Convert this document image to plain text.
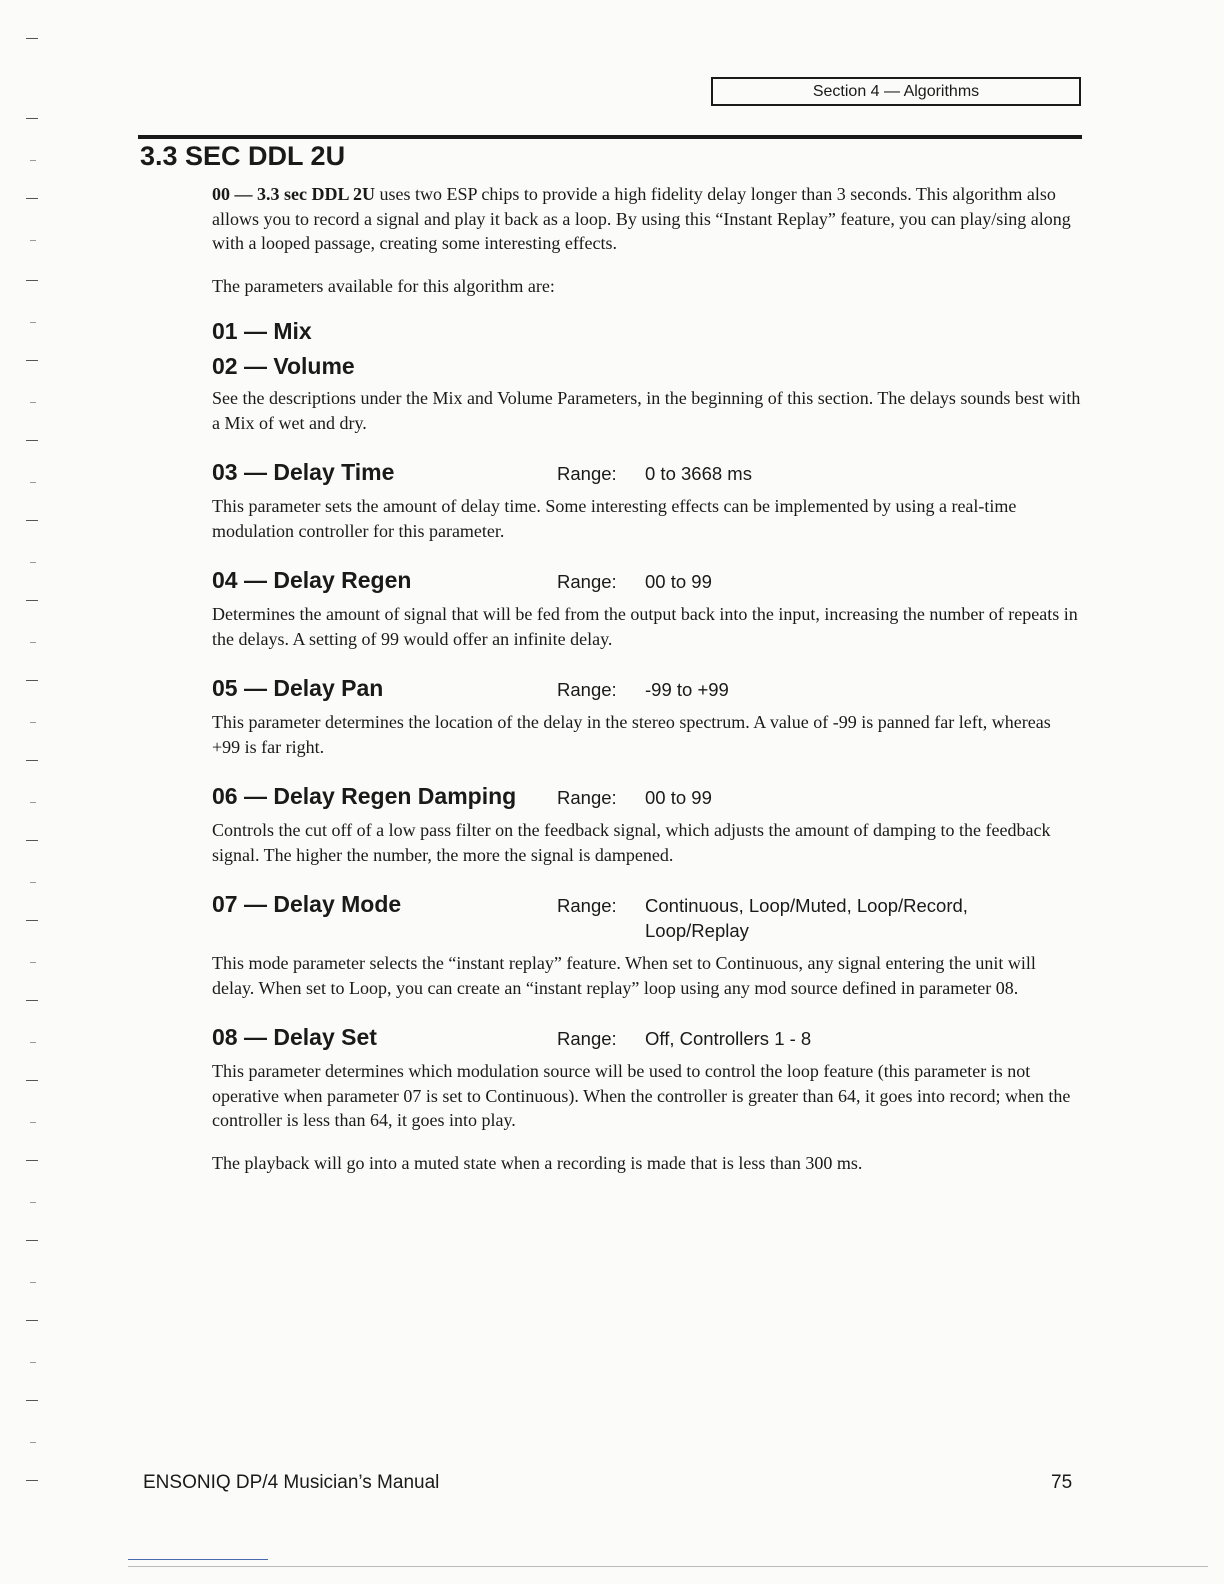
Section 4 — Algorithms
3.3 SEC DDL 2U

00 — 3.3 sec DDL 2U uses two ESP chips to provide a high fidelity delay longer than 3 seconds. This algorithm also allows you to record a signal and play it back as a loop. By using this “Instant Replay” feature, you can play/sing along with a looped passage, creating some interesting effects.

The parameters available for this algorithm are:

01 — Mix
02 — Volume

See the descriptions under the Mix and Volume Parameters, in the beginning of this section. The delays sounds best with a Mix of wet and dry.

03 — Delay Time	Range:	0 to 3668 ms

This parameter sets the amount of delay time. Some interesting effects can be implemented by using a real-time modulation controller for this parameter.

04 — Delay Regen	Range:	00 to 99

Determines the amount of signal that will be fed from the output back into the input, increasing the number of repeats in the delays. A setting of 99 would offer an infinite delay.

05 — Delay Pan	Range:	-99 to +99

This parameter determines the location of the delay in the stereo spectrum. A value of -99 is panned far left, whereas +99 is far right.

06 — Delay Regen Damping	Range:	00 to 99

Controls the cut off of a low pass filter on the feedback signal, which adjusts the amount of damping to the feedback signal. The higher the number, the more the signal is dampened.

07 — Delay Mode	Range:	Continuous, Loop/Muted, Loop/Record,
Loop/Replay

This mode parameter selects the “instant replay” feature. When set to Continuous, any signal entering the unit will delay. When set to Loop, you can create an “instant replay” loop using any mod source defined in parameter 08.

08 — Delay Set	Range:	Off, Controllers 1 - 8

This parameter determines which modulation source will be used to control the loop feature (this parameter is not operative when parameter 07 is set to Continuous). When the controller is greater than 64, it goes into record; when the controller is less than 64, it goes into play.

The playback will go into a muted state when a recording is made that is less than 300 ms.

ENSONIQ DP/4 Musician’s Manual	75
